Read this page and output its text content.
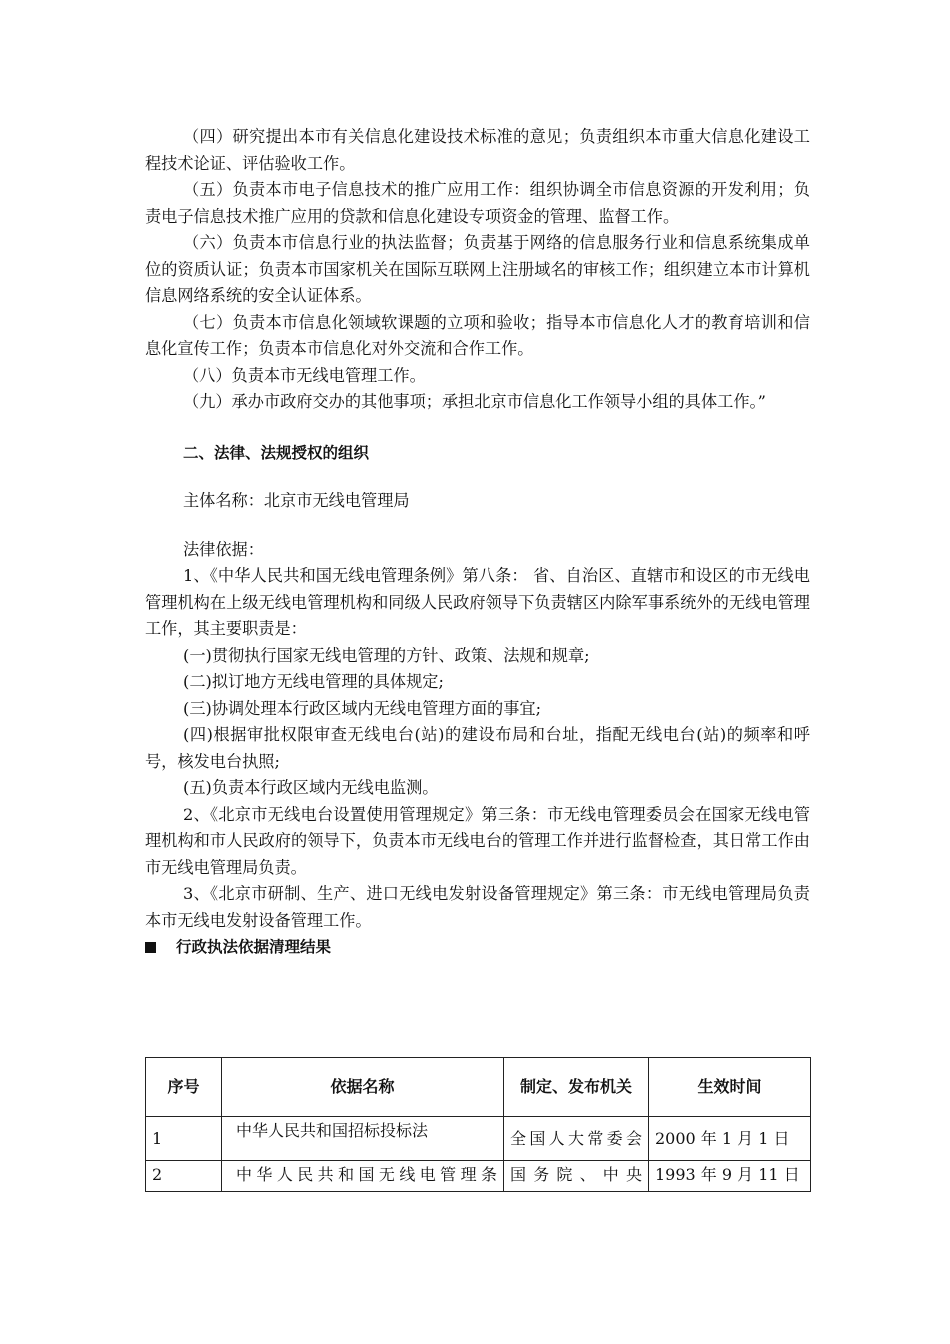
（四）研究提出本市有关信息化建设技术标准的意见；负责组织本市重大信息化建设工程技术论证、评估验收工作。

（五）负责本市电子信息技术的推广应用工作：组织协调全市信息资源的开发利用；负责电子信息技术推广应用的贷款和信息化建设专项资金的管理、监督工作。

（六）负责本市信息行业的执法监督；负责基于网络的信息服务行业和信息系统集成单位的资质认证；负责本市国家机关在国际互联网上注册域名的审核工作；组织建立本市计算机信息网络系统的安全认证体系。

（七）负责本市信息化领域软课题的立项和验收；指导本市信息化人才的教育培训和信息化宣传工作；负责本市信息化对外交流和合作工作。

（八）负责本市无线电管理工作。

（九）承办市政府交办的其他事项；承担北京市信息化工作领导小组的具体工作。”

二、法律、法规授权的组织

主体名称：北京市无线电管理局

法律依据：

1、《中华人民共和国无线电管理条例》第八条： 省、自治区、直辖市和设区的市无线电管理机构在上级无线电管理机构和同级人民政府领导下负责辖区内除军事系统外的无线电管理工作，其主要职责是：

(一)贯彻执行国家无线电管理的方针、政策、法规和规章;

(二)拟订地方无线电管理的具体规定;

(三)协调处理本行政区域内无线电管理方面的事宜;

(四)根据审批权限审查无线电台(站)的建设布局和台址，指配无线电台(站)的频率和呼号，核发电台执照;

(五)负责本行政区域内无线电监测。

2、《北京市无线电台设置使用管理规定》第三条：市无线电管理委员会在国家无线电管理机构和市人民政府的领导下，负责本市无线电台的管理工作并进行监督检查，其日常工作由市无线电管理局负责。

3、《北京市研制、生产、进口无线电发射设备管理规定》第三条：市无线电管理局负责本市无线电发射设备管理工作。

行政执法依据清理结果
序号	依据名称	制定、发布机关	生效时间
1	中华人民共和国招标投标法	全国人大常委会	2000 年 1 月 1 日
2	中华人民共和国无线电管理条	国务院、中央	1993 年 9 月 11 日
